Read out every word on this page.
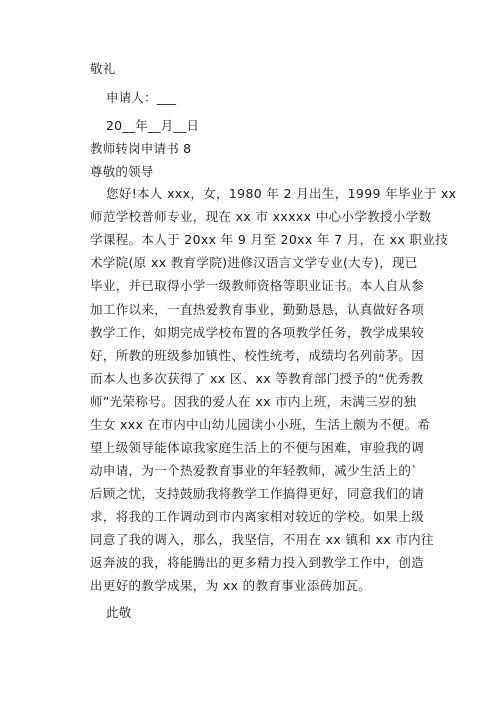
敬礼
申请人：___
20__年__月__日
教师转岗申请书 8
尊敬的领导
您好!本人 xxx，女，1980 年 2 月出生，1999 年毕业于 xx
师范学校普师专业，现在 xx 市 xxxxx 中心小学教授小学数
学课程。本人于 20xx 年 9 月至 20xx 年 7 月，在 xx 职业技
术学院(原 xx 教育学院)进修汉语言文学专业(大专)，现已
毕业，并已取得小学一级教师资格等职业证书。本人自从参
加工作以来，一直热爱教育事业，勤勤恳恳，认真做好各项
教学工作，如期完成学校布置的各项教学任务，教学成果较
好，所教的班级参加镇性、校性统考，成绩均名列前茅。因
而本人也多次获得了 xx 区、xx 等教育部门授予的“优秀教
师”光荣称号。因我的爱人在 xx 市内上班，未满三岁的独
生女 xxx 在市内中山幼儿园读小小班，生活上颇为不便。希
望上级领导能体谅我家庭生活上的不便与困难，审验我的调
动申请，为一个热爱教育事业的年轻教师，减少生活上的`
后顾之忧，支持鼓励我将教学工作搞得更好，同意我们的请
求，将我的工作调动到市内离家相对较近的学校。如果上级
同意了我的调入，那么，我坚信，不用在 xx 镇和 xx 市内往
返奔波的我，将能腾出的更多精力投入到教学工作中，创造
出更好的教学成果，为 xx 的教育事业添砖加瓦。
此敬
